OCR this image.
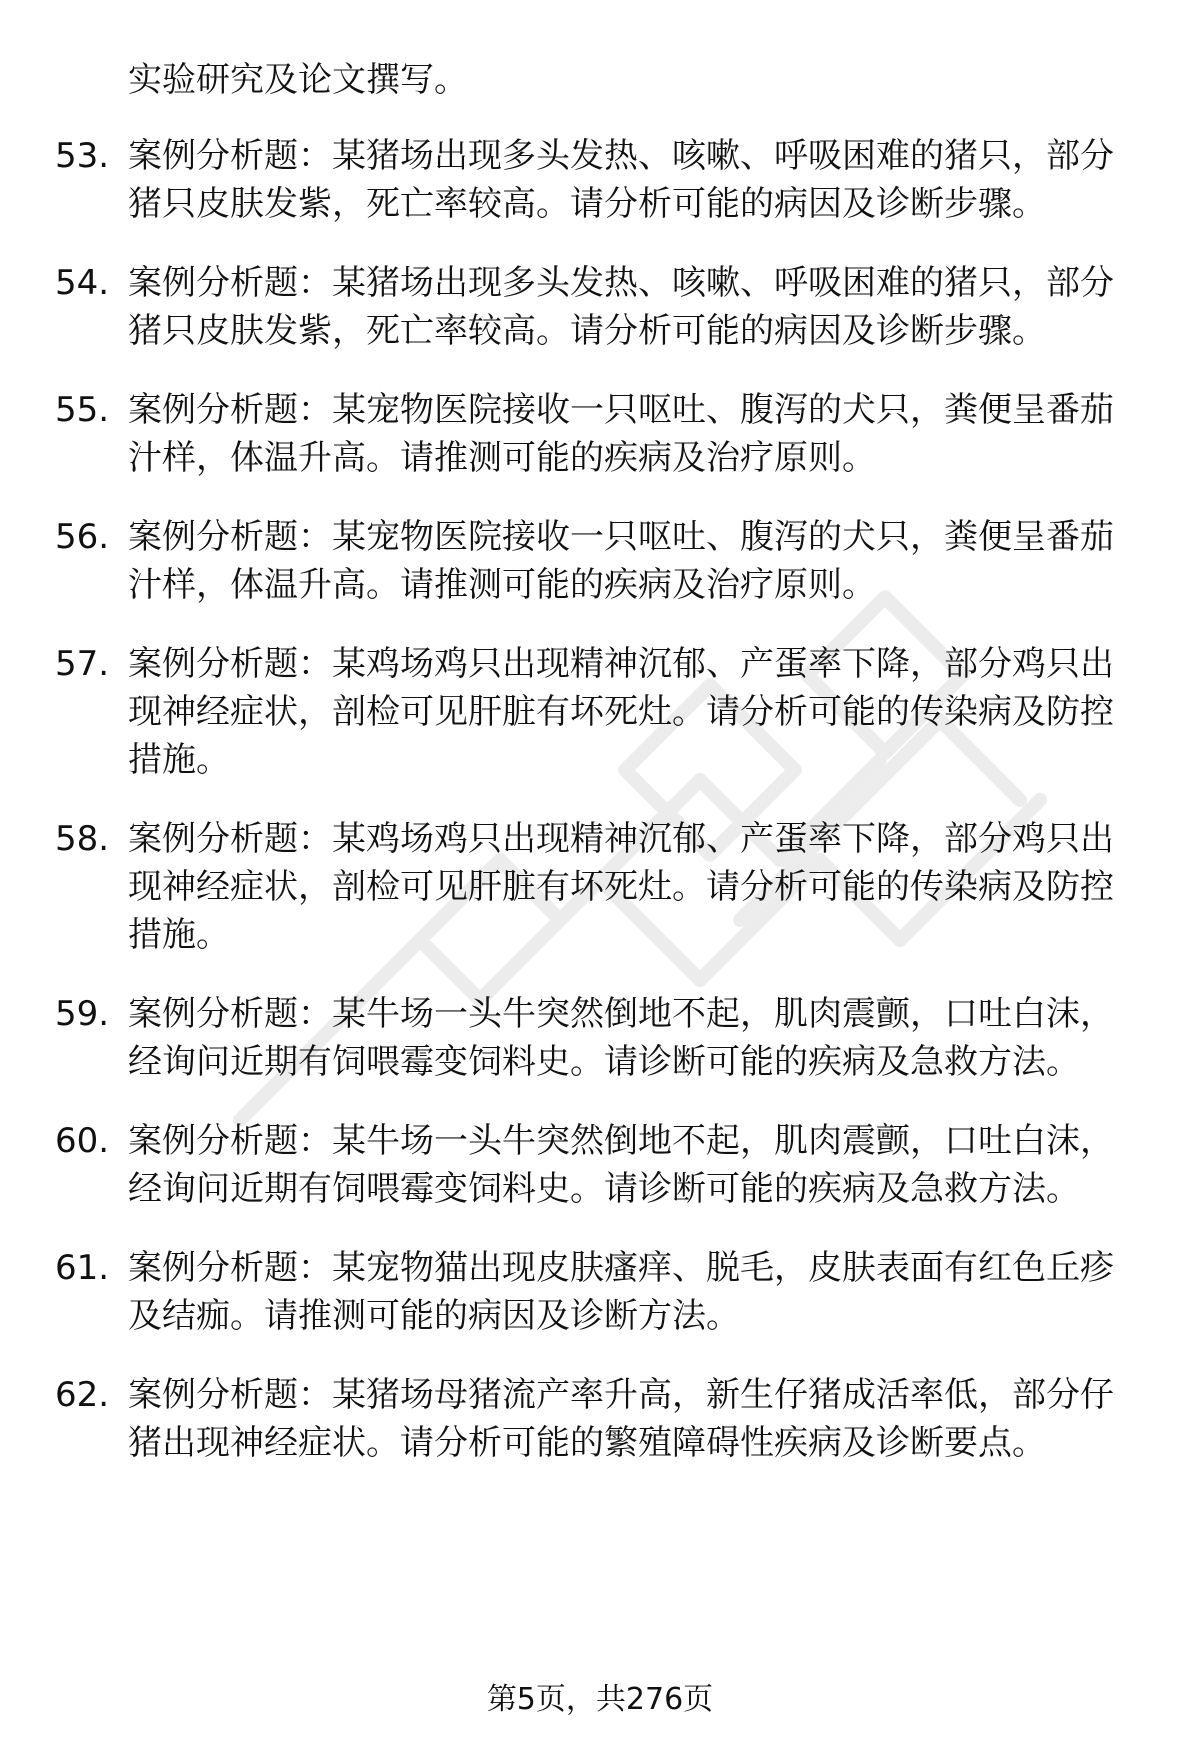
实验研究及论文撰写。
53. 案例分析题：某猪场出现多头发热、咳嗽、呼吸困难的猪只，部分猪只皮肤发紫，死亡率较高。请分析可能的病因及诊断步骤。
54. 案例分析题：某猪场出现多头发热、咳嗽、呼吸困难的猪只，部分猪只皮肤发紫，死亡率较高。请分析可能的病因及诊断步骤。
55. 案例分析题：某宠物医院接收一只呕吐、腹泻的犬只，粪便呈番茄汁样，体温升高。请推测可能的疾病及治疗原则。
56. 案例分析题：某宠物医院接收一只呕吐、腹泻的犬只，粪便呈番茄汁样，体温升高。请推测可能的疾病及治疗原则。
57. 案例分析题：某鸡场鸡只出现精神沉郁、产蛋率下降，部分鸡只出现神经症状，剖检可见肝脏有坏死灶。请分析可能的传染病及防控措施。
58. 案例分析题：某鸡场鸡只出现精神沉郁、产蛋率下降，部分鸡只出现神经症状，剖检可见肝脏有坏死灶。请分析可能的传染病及防控措施。
59. 案例分析题：某牛场一头牛突然倒地不起，肌肉震颤，口吐白沫，经询问近期有饲喂霉变饲料史。请诊断可能的疾病及急救方法。
60. 案例分析题：某牛场一头牛突然倒地不起，肌肉震颤，口吐白沫，经询问近期有饲喂霉变饲料史。请诊断可能的疾病及急救方法。
61. 案例分析题：某宠物猫出现皮肤瘙痒、脱毛，皮肤表面有红色丘疹及结痂。请推测可能的病因及诊断方法。
62. 案例分析题：某猪场母猪流产率升高，新生仔猪成活率低，部分仔猪出现神经症状。请分析可能的繁殖障碍性疾病及诊断要点。
第5页，共276页
